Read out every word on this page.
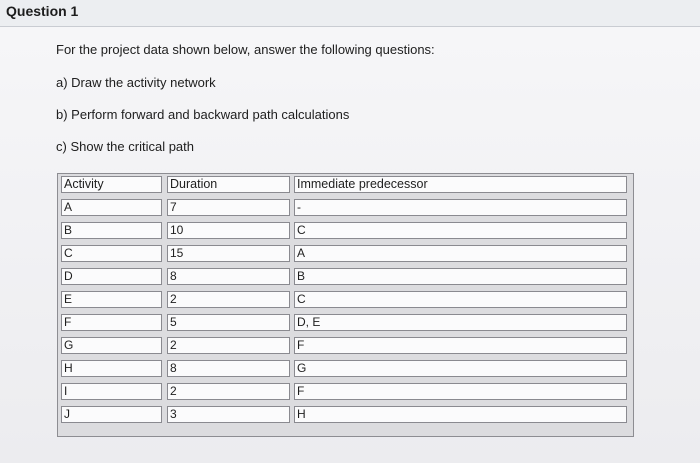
Question 1
For the project data shown below, answer the following questions:
a) Draw the activity network
b) Perform forward and backward path calculations
c) Show the critical path
Activity	Duration	Immediate predecessor
A	7	-
B	10	C
C	15	A
D	8	B
E	2	C
F	5	D, E
G	2	F
H	8	G
I	2	F
J	3	H
